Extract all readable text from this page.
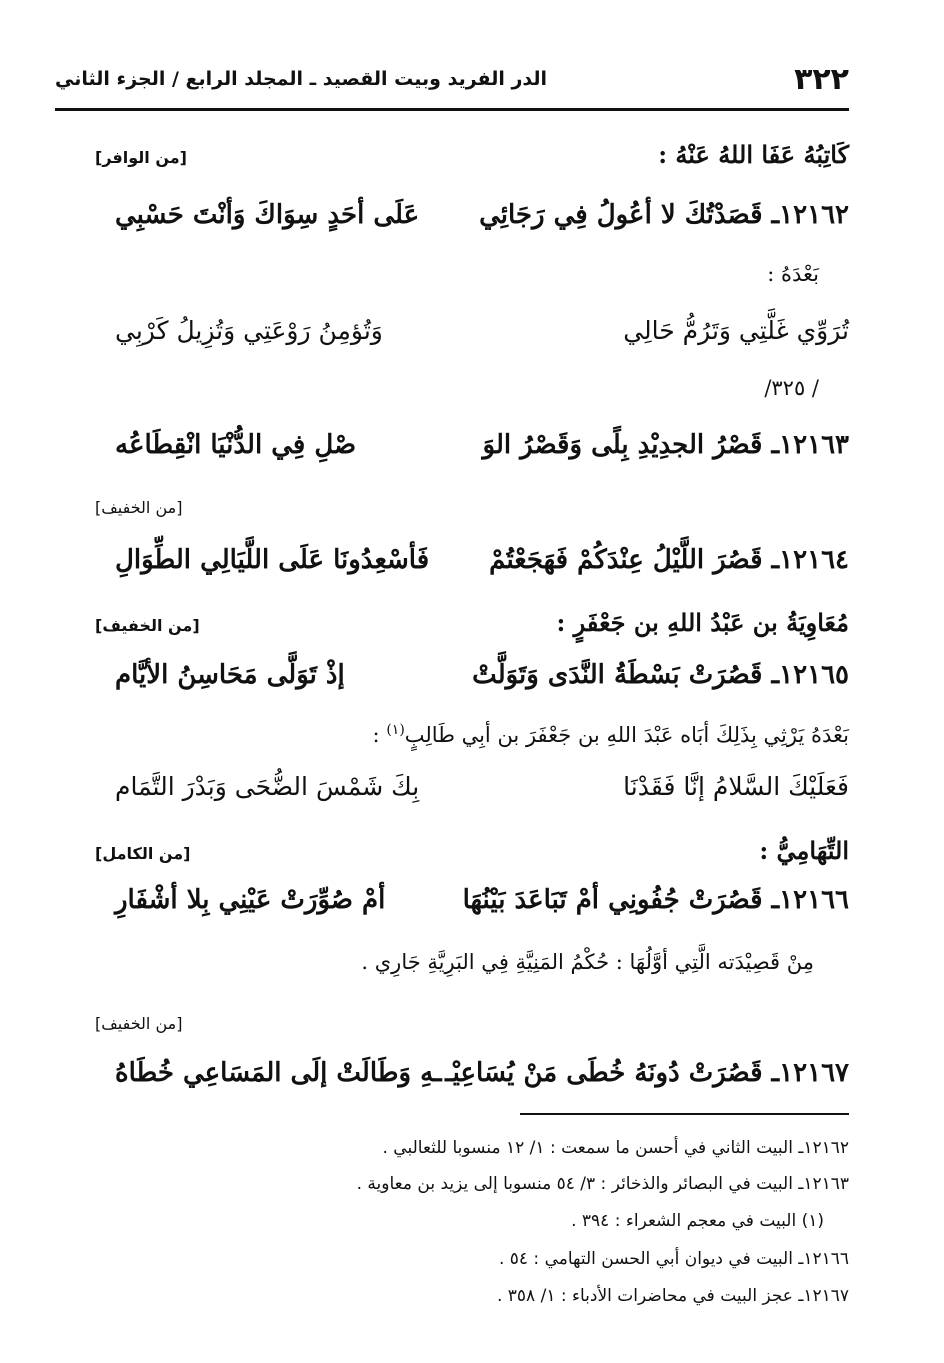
٣٢٢
الدر الفريد وبيت القصيد ـ المجلد الرابع / الجزء الثاني
كَاتِبُهُ عَفَا اللهُ عَنْهُ :
[من الوافر]
١٢١٦٢ـ قَصَدْتُكَ لا أعُولُ فِي رَجَائِي
عَلَى أحَدٍ سِوَاكَ وَأنْتَ حَسْبِي
بَعْدَهُ :
تُرَوِّي غَلَّتِي وَتَرُمُّ حَالِي
وَتُؤمِنُ رَوْعَتِي وَتُزِيلُ كَرْبِي
/ ٣٢٥/
١٢١٦٣ـ قَصْرُ الجدِيْدِ بِلًى وَقَصْرُ الوَ
صْلِ فِي الدُّنْيَا انْقِطَاعُه
[من الخفيف]
١٢١٦٤ـ قَصُرَ اللَّيْلُ عِنْدَكُمْ فَهَجَعْتُمْ
فَأسْعِدُونَا عَلَى اللَّيَالِي الطِّوَالِ
مُعَاوِيَةُ بن عَبْدُ اللهِ بن جَعْفَرٍ :
[من الخفيف]
١٢١٦٥ـ قَصُرَتْ بَسْطَةُ النَّدَى وَتَوَلَّتْ
إذْ تَوَلَّى مَحَاسِنُ الأيَّام
بَعْدَهُ يَرْثِي بِذَلِكَ أبَاه عَبْدَ اللهِ بن جَعْفَرَ بن أبِي طَالِبٍ$^{(١)}$ :
فَعَلَيْكَ السَّلامُ إنَّا فَقَدْنَا
بِكَ شَمْسَ الضُّحَى وَبَدْرَ التَّمَام
التِّهَامِيُّ :
[من الكامل]
١٢١٦٦ـ قَصُرَتْ جُفُونِي أمْ تَبَاعَدَ بَيْنُهَا
أمْ صُوِّرَتْ عَيْنِي بِلا أشْفَارِ
مِنْ قَصِيْدَته الَّتِي أوَّلُهَا : حُكْمُ المَنِيَّةِ فِي البَرِيَّةِ جَارِي .
[من الخفيف]
١٢١٦٧ـ قَصُرَتْ دُونَهُ خُطَى مَنْ يُسَاعِيْـ
ـهِ وَطَالَتْ إلَى المَسَاعِي خُطَاهُ
١٢١٦٢ـ البيت الثاني في أحسن ما سمعت : ١/ ١٢ منسوبا للثعالبي .
١٢١٦٣ـ البيت في البصائر والذخائر : ٣/ ٥٤ منسوبا إلى يزيد بن معاوية .
(١) البيت في معجم الشعراء : ٣٩٤ .
١٢١٦٦ـ البيت في ديوان أبي الحسن التهامي : ٥٤ .
١٢١٦٧ـ عجز البيت في محاضرات الأدباء : ١/ ٣٥٨ .
